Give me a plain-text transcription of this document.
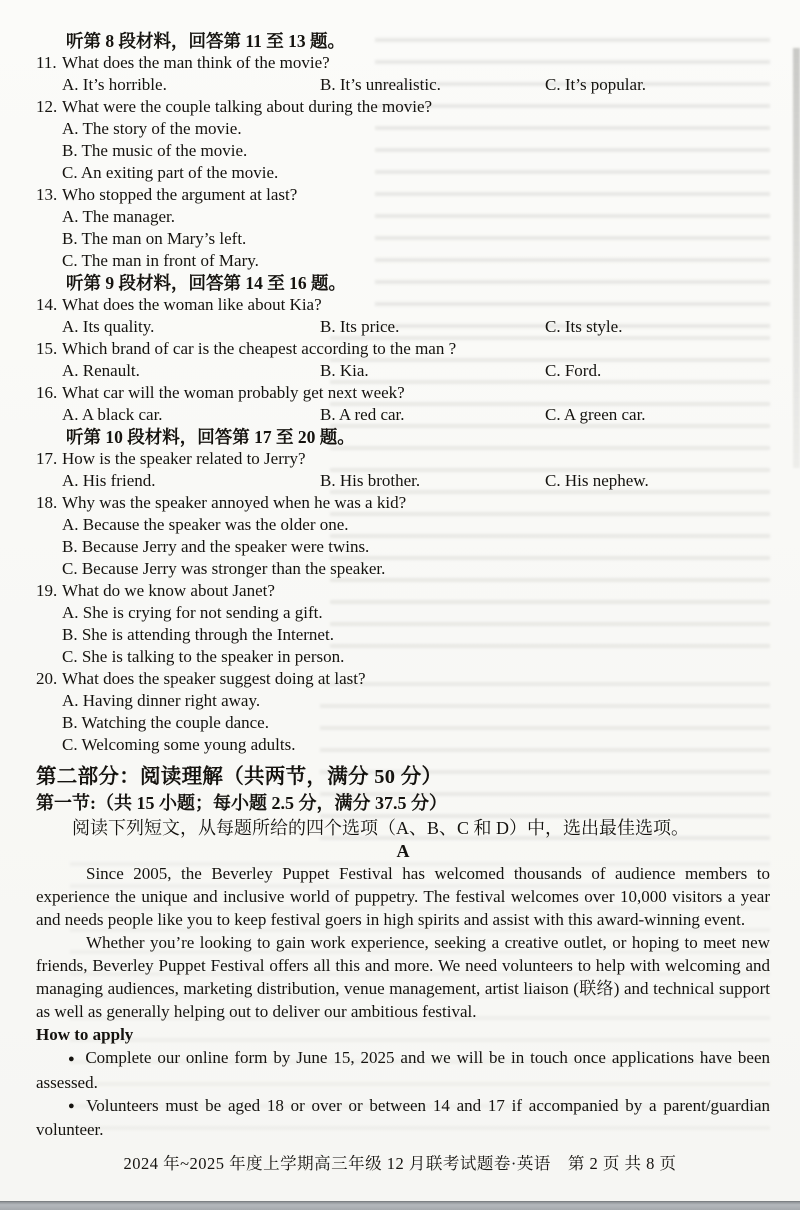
听第 8 段材料，回答第 11 至 13 题。
11. What does the man think of the movie?
A. It’s horrible.	B. It’s unrealistic.	C. It’s popular.
12. What were the couple talking about during the movie?
A. The story of the movie.
B. The music of the movie.
C. An exiting part of the movie.
13. Who stopped the argument at last?
A. The manager.
B. The man on Mary’s left.
C. The man in front of Mary.
听第 9 段材料，回答第 14 至 16 题。
14. What does the woman like about Kia?
A. Its quality.	B. Its price.	C. Its style.
15. Which brand of car is the cheapest according to the man ?
A. Renault.	B. Kia.	C. Ford.
16. What car will the woman probably get next week?
A. A black car.	B. A red car.	C. A green car.
听第 10 段材料，回答第 17 至 20 题。
17. How is the speaker related to Jerry?
A. His friend.	B. His brother.	C. His nephew.
18. Why was the speaker annoyed when he was a kid?
A. Because the speaker was the older one.
B. Because Jerry and the speaker were twins.
C. Because Jerry was stronger than the speaker.
19. What do we know about Janet?
A. She is crying for not sending a gift.
B. She is attending through the Internet.
C. She is talking to the speaker in person.
20. What does the speaker suggest doing at last?
A. Having dinner right away.
B. Watching the couple dance.
C. Welcoming some young adults.
第二部分：阅读理解（共两节，满分 50 分）
第一节:（共 15 小题；每小题 2.5 分，满分 37.5 分）
阅读下列短文，从每题所给的四个选项（A、B、C 和 D）中，选出最佳选项。
A

Since 2005, the Beverley Puppet Festival has welcomed thousands of audience members to experience the unique and inclusive world of puppetry. The festival welcomes over 10,000 visitors a year and needs people like you to keep festival goers in high spirits and assist with this award-winning event.

Whether you’re looking to gain work experience, seeking a creative outlet, or hoping to meet new friends, Beverley Puppet Festival offers all this and more. We need volunteers to help with welcoming and managing audiences, marketing distribution, venue management, artist liaison (联络) and technical support as well as generally helping out to deliver our ambitious festival.

How to apply

● Complete our online form by June 15, 2025 and we will be in touch once applications have been assessed.

● Volunteers must be aged 18 or over or between 14 and 17 if accompanied by a parent/guardian volunteer.

2024 年~2025 年度上学期高三年级 12 月联考试题卷·英语　第 2 页 共 8 页
